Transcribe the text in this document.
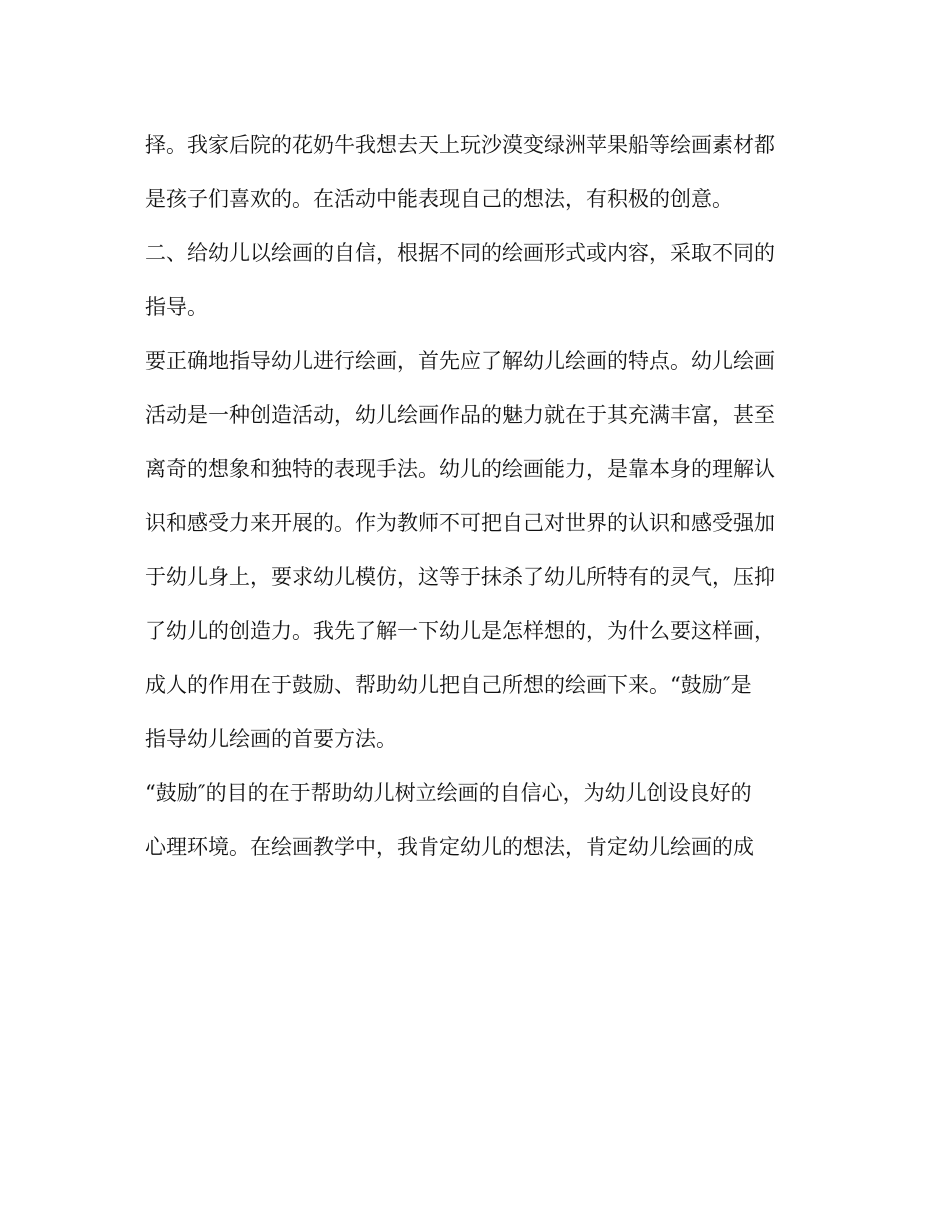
择。我家后院的花奶牛我想去天上玩沙漠变绿洲苹果船等绘画素材都
是孩子们喜欢的。在活动中能表现自己的想法，有积极的创意。
二、给幼儿以绘画的自信，根据不同的绘画形式或内容，采取不同的
指导。
要正确地指导幼儿进行绘画，首先应了解幼儿绘画的特点。幼儿绘画
活动是一种创造活动，幼儿绘画作品的魅力就在于其充满丰富，甚至
离奇的想象和独特的表现手法。幼儿的绘画能力，是靠本身的理解认
识和感受力来开展的。作为教师不可把自己对世界的认识和感受强加
于幼儿身上，要求幼儿模仿，这等于抹杀了幼儿所特有的灵气，压抑
了幼儿的创造力。我先了解一下幼儿是怎样想的，为什么要这样画，
成人的作用在于鼓励、帮助幼儿把自己所想的绘画下来。“鼓励″是
指导幼儿绘画的首要方法。
“鼓励″的目的在于帮助幼儿树立绘画的自信心，为幼儿创设良好的
心理环境。在绘画教学中，我肯定幼儿的想法，肯定幼儿绘画的成
